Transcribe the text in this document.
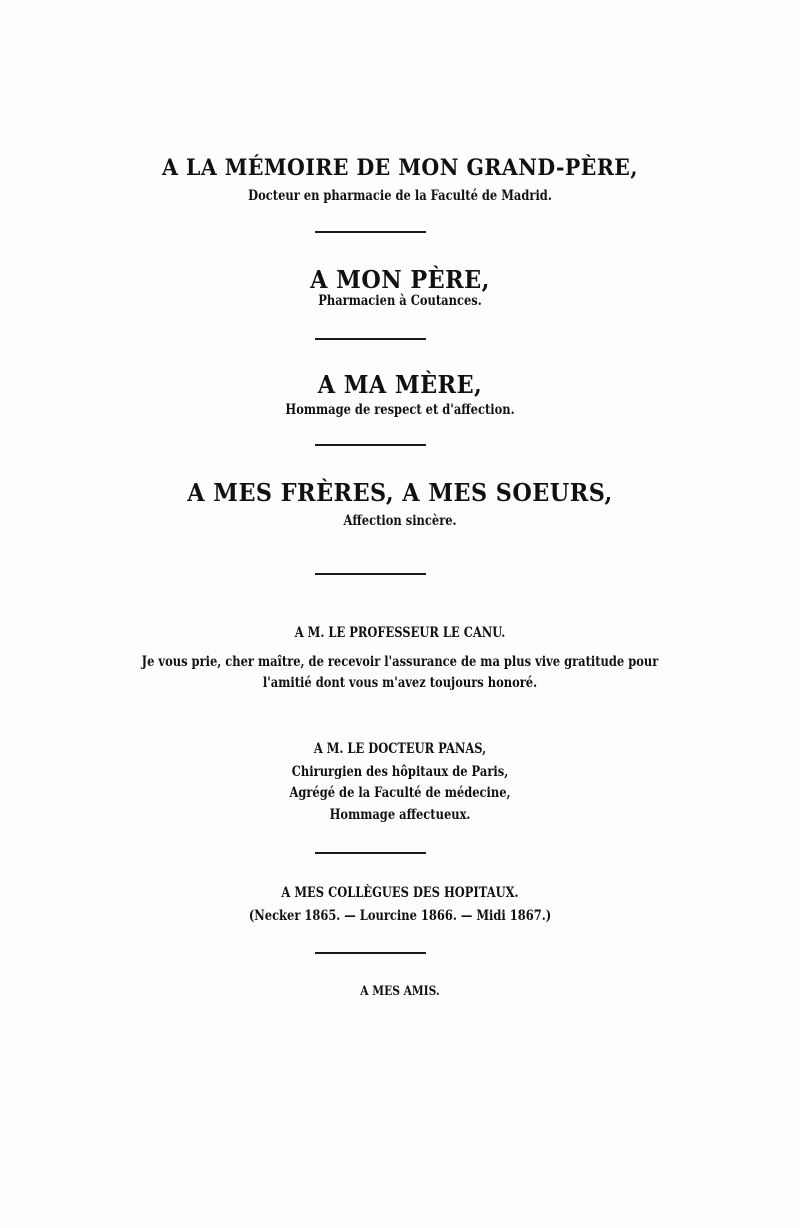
A LA MÉMOIRE DE MON GRAND-PÈRE,
Docteur en pharmacie de la Faculté de Madrid.
A MON PÈRE,
Pharmacien à Coutances.
A MA MÈRE,
Hommage de respect et d'affection.
A MES FRÈRES, A MES SOEURS,
Affection sincère.
A M. LE PROFESSEUR LE CANU.
Je vous prie, cher maître, de recevoir l'assurance de ma plus vive gratitude pour
l'amitié dont vous m'avez toujours honoré.
A M. LE DOCTEUR PANAS,
Chirurgien des hôpitaux de Paris,
Agrégé de la Faculté de médecine,
Hommage affectueux.
A MES COLLÈGUES DES HOPITAUX.
(Necker 1865. — Lourcine 1866. — Midi 1867.)
A MES AMIS.
